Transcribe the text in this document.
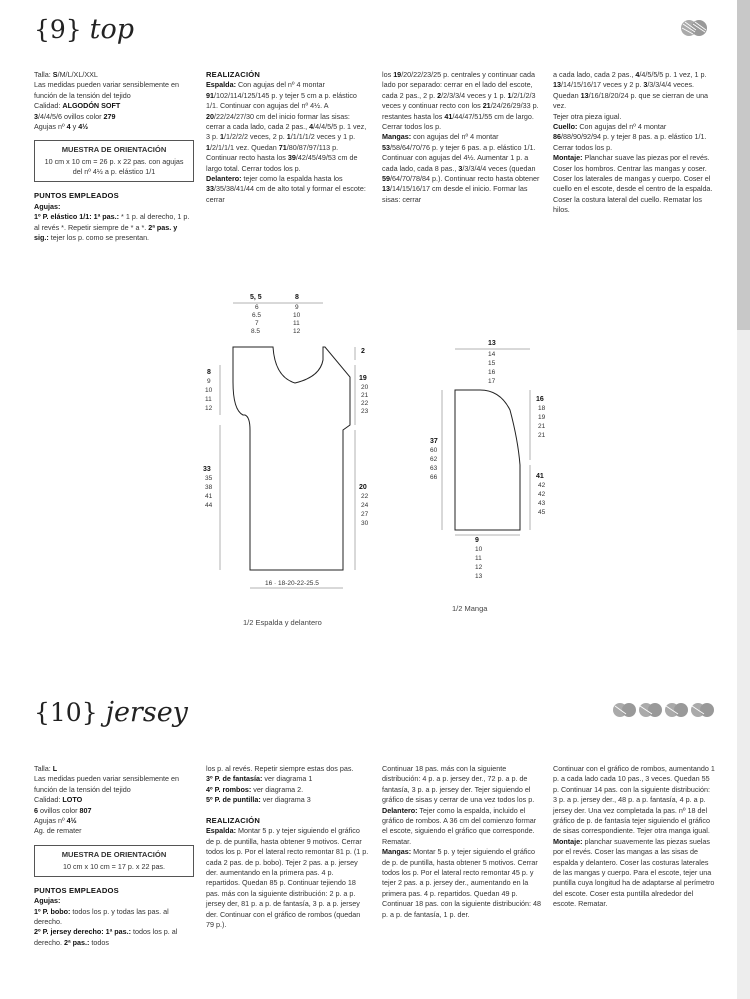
{9} top

Talla: S/M/L/XL/XXL

Las medidas pueden variar sensiblemente en función de la tensión del tejido

Calidad: ALGODÓN SOFT

3/4/4/5/6 ovillos color 279

Agujas nº 4 y 4½

MUESTRA DE ORIENTACIÓN
10 cm x 10 cm = 26 p. x 22 pas. con agujas del nº 4½ a p. elástico 1/1
PUNTOS EMPLEADOS
Agujas:
1º P. elástico 1/1: 1ª pas.: * 1 p. al derecho, 1 p. al revés *. Repetir siempre de * a *. 2ª pas. y sig.: tejer los p. como se presentan.
REALIZACIÓN
Espalda: Con agujas del nº 4 montar 91/102/114/125/145 p. y tejer 5 cm a p. elástico 1/1. Continuar con agujas del nº 4½. A 20/22/24/27/30 cm del inicio formar las sisas: cerrar a cada lado, cada 2 pas., 4/4/4/5/5 p. 1 vez, 3 p. 1/1/2/2/2 veces, 2 p. 1/1/1/1/2 veces y 1 p. 1/2/1/1/1 vez. Quedan 71/80/87/97/113 p. Continuar recto hasta los 39/42/45/49/53 cm de largo total. Cerrar todos los p.
Delantero: tejer como la espalda hasta los 33/35/38/41/44 cm de alto total y formar el escote: cerrar
los 19/20/22/23/25 p. centrales y continuar cada lado por separado: cerrar en el lado del escote, cada 2 pas., 2 p. 2/2/3/3/4 veces y 1 p. 1/2/1/2/3 veces y continuar recto con los 21/24/26/29/33 p. restantes hasta los 41/44/47/51/55 cm de largo. Cerrar todos los p.
Mangas: con agujas del nº 4 montar 53/58/64/70/76 p. y tejer 6 pas. a p. elástico 1/1. Continuar con agujas del 4½. Aumentar 1 p. a cada lado, cada 8 pas., 3/3/3/4/4 veces (quedan 59/64/70/78/84 p.). Continuar recto hasta obtener 13/14/15/16/17 cm desde el inicio. Formar las sisas: cerrar
a cada lado, cada 2 pas., 4/4/5/5/5 p. 1 vez, 1 p. 13/14/15/16/17 veces y 2 p. 3/3/3/4/4 veces. Quedan 13/16/18/20/24 p. que se cierran de una vez.
Tejer otra pieza igual.
Cuello: Con agujas del nº 4 montar 86/88/90/92/94 p. y tejer 8 pas. a p. elástico 1/1. Cerrar todos los p.
Montaje: Planchar suave las piezas por el revés. Coser los hombros. Centrar las mangas y coser. Coser los laterales de mangas y cuerpo. Coser el cuello en el escote, desde el centro de la espalda. Coser la costura lateral del cuello. Rematar los hilos.
5, 5
6
6.5
7
8.5
8
9
10
11
12
2
19
20
21
22
23
20
22
24
27
30
8
9
10
11
12
33
35
38
41
44
16 · 18-20-22-25.5
1/2 Espalda y delantero
13
14
15
16
17
16
18
19
21
21
41
42
42
43
45
37
60
62
63
66
9
10
11
12
13
1/2 Manga
{10} jersey

Talla: L

Las medidas pueden variar sensiblemente en función de la tensión del tejido

Calidad: LOTO

6 ovillos color 807

Agujas nº 4½

Ag. de remater

MUESTRA DE ORIENTACIÓN
10 cm x 10 cm = 17 p. x 22 pas.
PUNTOS EMPLEADOS
Agujas:
1º P. bobo: todos los p. y todas las pas. al derecho.
2º P. jersey derecho: 1ª pas.: todos los p. al derecho. 2ª pas.: todos
los p. al revés. Repetir siempre estas dos pas.
3º P. de fantasía: ver diagrama 1
4º P. rombos: ver diagrama 2.
5º P. de puntilla: ver diagrama 3

REALIZACIÓN
Espalda: Montar 5 p. y tejer siguiendo el gráfico de p. de puntilla, hasta obtener 9 motivos. Cerrar todos los p. Por el lateral recto remontar 81 p. (1 p. cada 2 pas. de p. bobo). Tejer 2 pas. a p. jersey der. aumentando en la primera pas. 4 p. repartidos. Quedan 85 p. Continuar tejiendo 18 pas. más con la siguiente distribución: 2 p. a p. jersey der, 81 p. a p. de fantasía, 3 p. a p. jersey der. Continuar con el gráfico de rombos (quedan 79 p.).
Continuar 18 pas. más con la siguiente distribución: 4 p. a p. jersey der., 72 p. a p. de fantasía, 3 p. a p. jersey der. Tejer siguiendo el gráfico de sisas y cerrar de una vez todos los p.
Delantero: Tejer como la espalda, incluido el gráfico de rombos. A 36 cm del comienzo formar el escote, siguiendo el gráfico que corresponde. Rematar.
Mangas: Montar 5 p. y tejer siguiendo el gráfico de p. de puntilla, hasta obtener 5 motivos. Cerrar todos los p. Por el lateral recto remontar 45 p. y tejer 2 pas. a p. jersey der., aumentando en la primera pas. 4 p. repartidos. Quedan 49 p. Continuar 18 pas. con la siguiente distribución: 48 p. a p. de fantasía, 1 p. der.
Continuar con el gráfico de rombos, aumentando 1 p. a cada lado cada 10 pas., 3 veces. Quedan 55 p. Continuar 14 pas. con la siguiente distribución: 3 p. a p. jersey der., 48 p. a p. fantasía, 4 p. a p. jersey der. Una vez completada la pas. nº 18 del gráfico de p. de fantasía tejer siguiendo el gráfico de sisas correspondiente. Tejer otra manga igual.
Montaje: planchar suavemente las piezas suelas por el revés. Coser las mangas a las sisas de espalda y delantero. Coser las costuras laterales de las mangas y cuerpo. Para el escote, tejer una puntilla cuya longitud ha de adaptarse al perímetro del escote. Coser esta puntilla alrededor del escote. Rematar.
